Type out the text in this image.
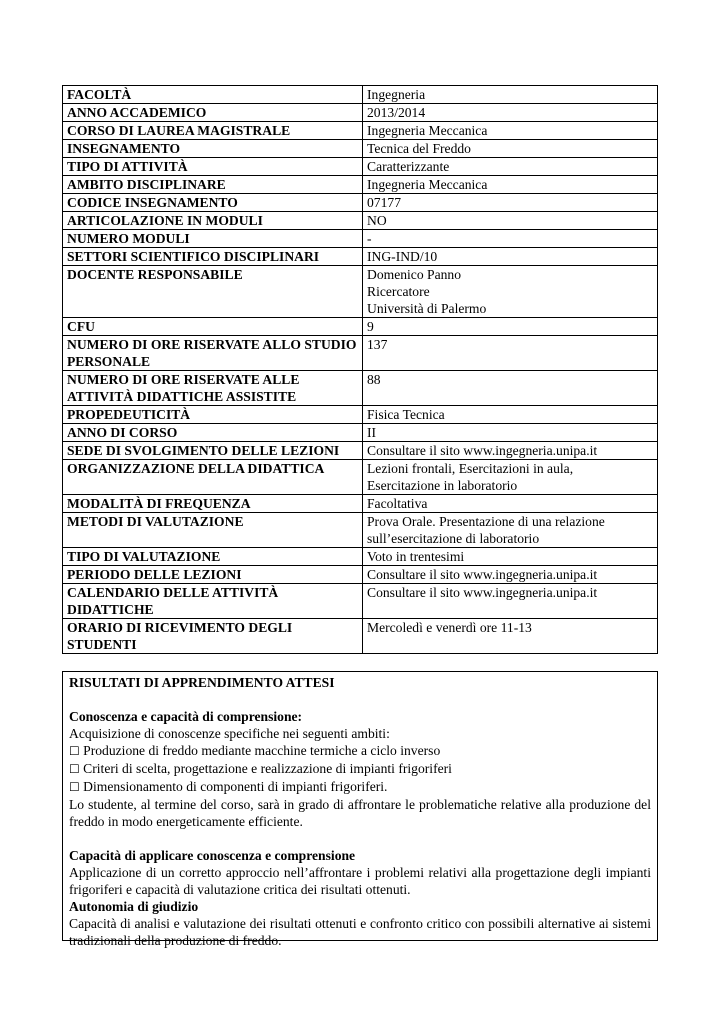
FACOLTÀ	Ingegneria

ANNO ACCADEMICO	2013/2014

CORSO DI LAUREA MAGISTRALE	Ingegneria Meccanica

INSEGNAMENTO	Tecnica del Freddo

TIPO DI ATTIVITÀ	Caratterizzante

AMBITO DISCIPLINARE	Ingegneria Meccanica

CODICE INSEGNAMENTO	07177

ARTICOLAZIONE IN MODULI	NO

NUMERO MODULI	-

SETTORI SCIENTIFICO DISCIPLINARI	ING-IND/10

DOCENTE RESPONSABILE	Domenico Panno
Ricercatore
Università di Palermo

CFU	9

NUMERO DI ORE RISERVATE ALLO STUDIO PERSONALE	137

NUMERO DI ORE RISERVATE ALLE ATTIVITÀ DIDATTICHE ASSISTITE	88

PROPEDEUTICITÀ	Fisica Tecnica

ANNO DI CORSO	II

SEDE DI SVOLGIMENTO DELLE LEZIONI	Consultare il sito www.ingegneria.unipa.it

ORGANIZZAZIONE DELLA DIDATTICA	Lezioni frontali, Esercitazioni in aula,
Esercitazione in laboratorio

MODALITÀ DI FREQUENZA	Facoltativa

METODI DI VALUTAZIONE	Prova Orale. Presentazione di una relazione
sull’esercitazione di laboratorio

TIPO DI VALUTAZIONE	Voto in trentesimi

PERIODO DELLE LEZIONI	Consultare il sito www.ingegneria.unipa.it

CALENDARIO DELLE ATTIVITÀ DIDATTICHE	Consultare il sito www.ingegneria.unipa.it

ORARIO DI RICEVIMENTO DEGLI STUDENTI	Mercoledì e venerdì ore 11-13

RISULTATI DI APPRENDIMENTO ATTESI

Conoscenza e capacità di comprensione:

Acquisizione di conoscenze specifiche nei seguenti ambiti:

☐ Produzione di freddo mediante macchine termiche a ciclo inverso

☐ Criteri di scelta, progettazione e realizzazione di impianti frigoriferi

☐ Dimensionamento di componenti di impianti frigoriferi.

Lo studente, al termine del corso, sarà in grado di affrontare le problematiche relative alla produzione del freddo in modo energeticamente efficiente.

Capacità di applicare conoscenza e comprensione

Applicazione di un corretto approccio nell’affrontare i problemi relativi alla progettazione degli impianti frigoriferi e capacità di valutazione critica dei risultati ottenuti.

Autonomia di giudizio

Capacità di analisi e valutazione dei risultati ottenuti e confronto critico con possibili alternative ai sistemi tradizionali della produzione di freddo.
